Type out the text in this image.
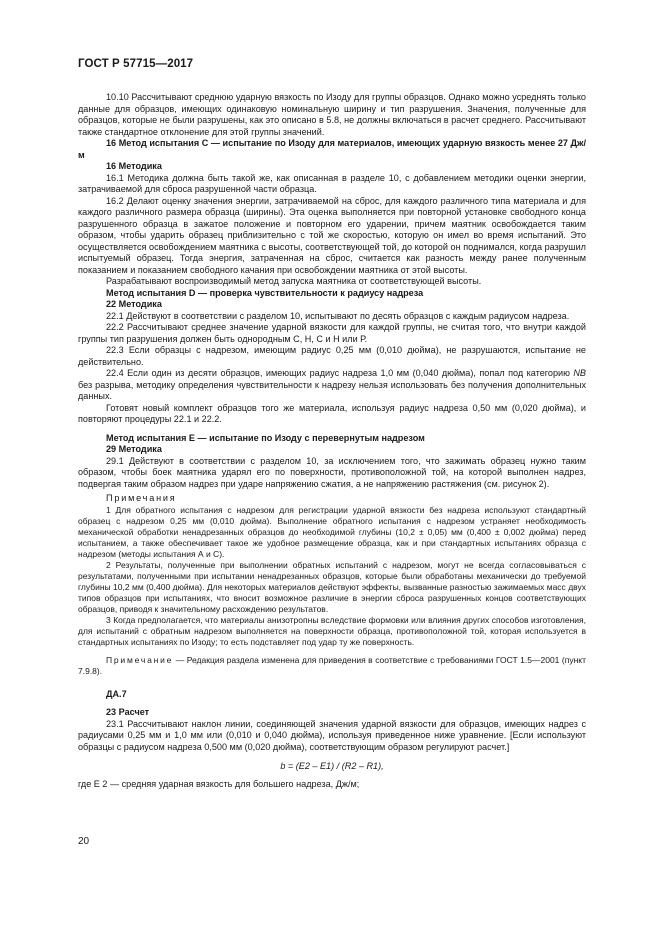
ГОСТ Р 57715—2017

10.10 Рассчитывают среднюю ударную вязкость по Изоду для группы образцов. Однако можно усреднять только данные для образцов, имеющих одинаковую номинальную ширину и тип разрушения. Значения, полученные для образцов, которые не были разрушены, как это описано в 5.8, не должны включаться в расчет среднего. Рассчитывают также стандартное отклонение для этой группы значений.

16 Метод испытания С — испытание по Изоду для материалов, имеющих ударную вязкость менее 27 Дж/м

16 Методика

16.1 Методика должна быть такой же, как описанная в разделе 10, с добавлением методики оценки энергии, затрачиваемой для сброса разрушенной части образца.

16.2 Делают оценку значения энергии, затрачиваемой на сброс, для каждого различного типа материала и для каждого различного размера образца (ширины). Эта оценка выполняется при повторной установке свободного конца разрушенного образца в зажатое положение и повторном его ударении, причем маятник освобождается таким образом, чтобы ударить образец приблизительно с той же скоростью, которую он имел во время испытаний. Это осуществляется освобождением маятника с высоты, соответствующей той, до которой он поднимался, когда разрушил испытуемый образец. Тогда энергия, затраченная на сброс, считается как разность между ранее полученным показанием и показанием свободного качания при освобождении маятника от этой высоты.

Разрабатывают воспроизводимый метод запуска маятника от соответствующей высоты.

Метод испытания D — проверка чувствительности к радиусу надреза

22 Методика

22.1 Действуют в соответствии с разделом 10, испытывают по десять образцов с каждым радиусом надреза.

22.2 Рассчитывают среднее значение ударной вязкости для каждой группы, не считая того, что внутри каждой группы тип разрушения должен быть однородным С, Н, С и Н или Р.

22.3 Если образцы с надрезом, имеющим радиус 0,25 мм (0,010 дюйма), не разрушаются, испытание не действительно.

22.4 Если один из десяти образцов, имеющих радиус надреза 1,0 мм (0,040 дюйма), попал под категорию NB без разрыва, методику определения чувствительности к надрезу нельзя использовать без получения дополнительных данных.

Готовят новый комплект образцов того же материала, используя радиус надреза 0,50 мм (0,020 дюйма), и повторяют процедуры 22.1 и 22.2.

Метод испытания Е — испытание по Изоду с перевернутым надрезом

29 Методика

29.1 Действуют в соответствии с разделом 10, за исключением того, что зажимать образец нужно таким образом, чтобы боек маятника ударял его по поверхности, противоположной той, на которой выполнен надрез, подвергая таким образом надрез при ударе напряжению сжатия, а не напряжению растяжения (см. рисунок 2).

Примечания

1 Для обратного испытания с надрезом для регистрации ударной вязкости без надреза используют стандартный образец с надрезом 0,25 мм (0,010 дюйма). Выполнение обратного испытания с надрезом устраняет необходимость механической обработки ненадрезанных образцов до необходимой глубины (10,2 ± 0,05) мм (0,400 ± 0,002 дюйма) перед испытанием, а также обеспечивает такое же удобное размещение образца, как и при стандартных испытаниях образца с надрезом (методы испытания А и С).

2 Результаты, полученные при выполнении обратных испытаний с надрезом, могут не всегда согласовываться с результатами, полученными при испытании ненадрезанных образцов, которые были обработаны механически до требуемой глубины 10,2 мм (0,400 дюйма). Для некоторых материалов действуют эффекты, вызванные разностью зажимаемых масс двух типов образцов при испытаниях, что вносит возможное различие в энергии сброса разрушенных концов соответствующих образцов, приводя к значительному расхождению результатов.

3 Когда предполагается, что материалы анизотропны вследствие формовки или влияния других способов изготовления, для испытаний с обратным надрезом выполняется на поверхности образца, противоположной той, которая используется в стандартных испытаниях по Изоду; то есть подставляет под удар ту же поверхность.

Примечание — Редакция раздела изменена для приведения в соответствие с требованиями ГОСТ 1.5—2001 (пункт 7.9.8).

ДА.7

23 Расчет

23.1 Рассчитывают наклон линии, соединяющей значения ударной вязкости для образцов, имеющих надрез с радиусами 0,25 мм и 1,0 мм или (0,010 и 0,040 дюйма), используя приведенное ниже уравнение. [Если используют образцы с радиусом надреза 0,500 мм (0,020 дюйма), соответствующим образом регулируют расчет.]

b = (E2 – E1) / (R2 – R1),

где E 2 — средняя ударная вязкость для большего надреза, Дж/м;

20
